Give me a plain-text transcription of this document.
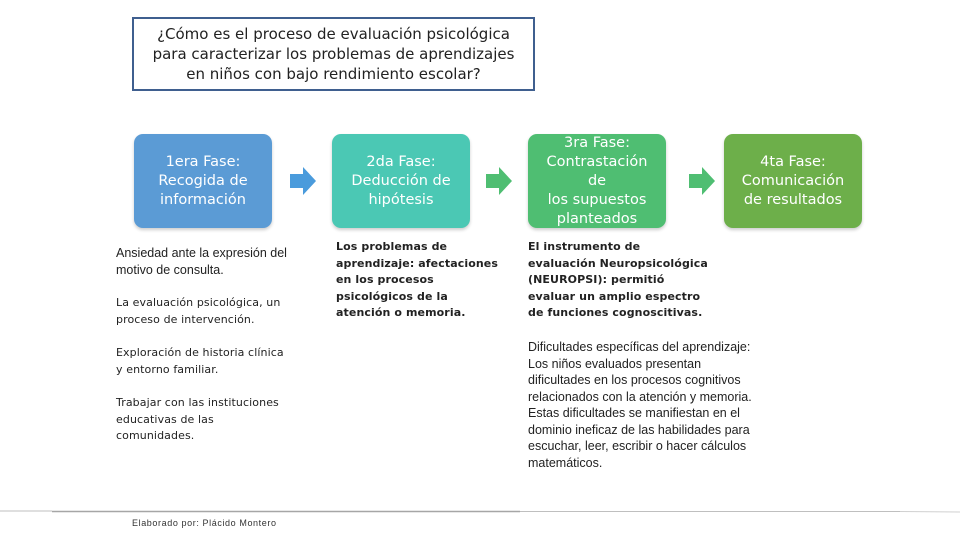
¿Cómo es el proceso de evaluación psicológica para caracterizar los problemas de aprendizajes en niños con bajo rendimiento escolar?
1era Fase:
Recogida de
información
2da Fase:
Deducción de
hipótesis
3ra Fase:
Contrastación de
los supuestos
planteados
4ta Fase:
Comunicación
de resultados
Ansiedad ante la expresión del motivo de consulta.
La evaluación psicológica, un proceso de intervención.
Exploración de historia clínica y entorno familiar.
Trabajar con las instituciones educativas de las comunidades.
Los problemas de aprendizaje: afectaciones en los procesos psicológicos de la atención o memoria.
El instrumento de evaluación Neuropsicológica (NEUROPSI): permitió evaluar un amplio espectro de funciones cognoscitivas.
Dificultades específicas del aprendizaje: Los niños evaluados presentan dificultades en los procesos cognitivos relacionados con la atención y memoria. Estas dificultades se manifiestan en el dominio ineficaz de las habilidades para escuchar, leer, escribir o hacer cálculos matemáticos.
Elaborado por: Plácido Montero
